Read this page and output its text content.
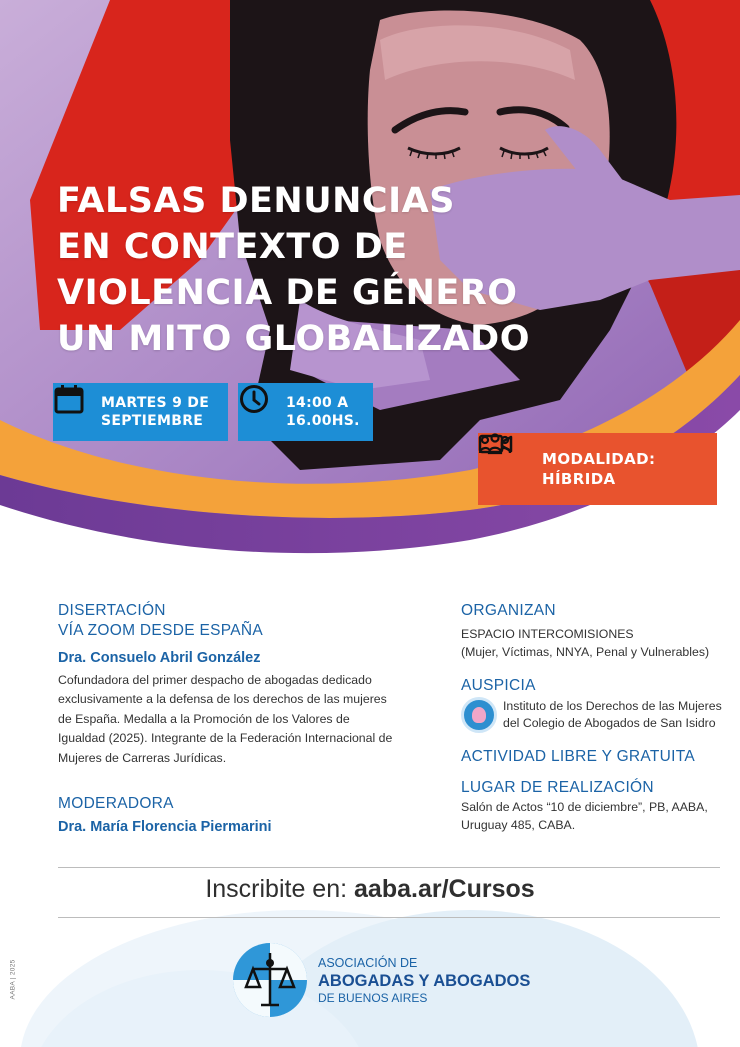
FALSAS DENUNCIAS
EN CONTEXTO DE
VIOLENCIA DE GÉNERO
UN MITO GLOBALIZADO
MARTES 9 DE
SEPTIEMBRE
14:00 A
16.00HS.
MODALIDAD:
HÍBRIDA
DISERTACIÓN
VÍA ZOOM DESDE ESPAÑA
Dra. Consuelo Abril González
Cofundadora del primer despacho de abogadas dedicado
exclusivamente a la defensa de los derechos de las mujeres
de España. Medalla a la Promoción de los Valores de
Igualdad (2025). Integrante de la Federación Internacional de
Mujeres de Carreras Jurídicas.
MODERADORA
Dra. María Florencia Piermarini
ORGANIZAN
ESPACIO INTERCOMISIONES
(Mujer, Víctimas, NNYA, Penal y Vulnerables)
AUSPICIA
Instituto de los Derechos de las Mujeres
del Colegio de Abogados de San Isidro
ACTIVIDAD LIBRE Y GRATUITA
LUGAR DE REALIZACIÓN
Salón de Actos “10 de diciembre”, PB, AABA,
Uruguay 485, CABA.
Inscribite en: aaba.ar/Cursos
ASOCIACIÓN DE
ABOGADAS Y ABOGADOS
DE BUENOS AIRES
AABA | 2025
